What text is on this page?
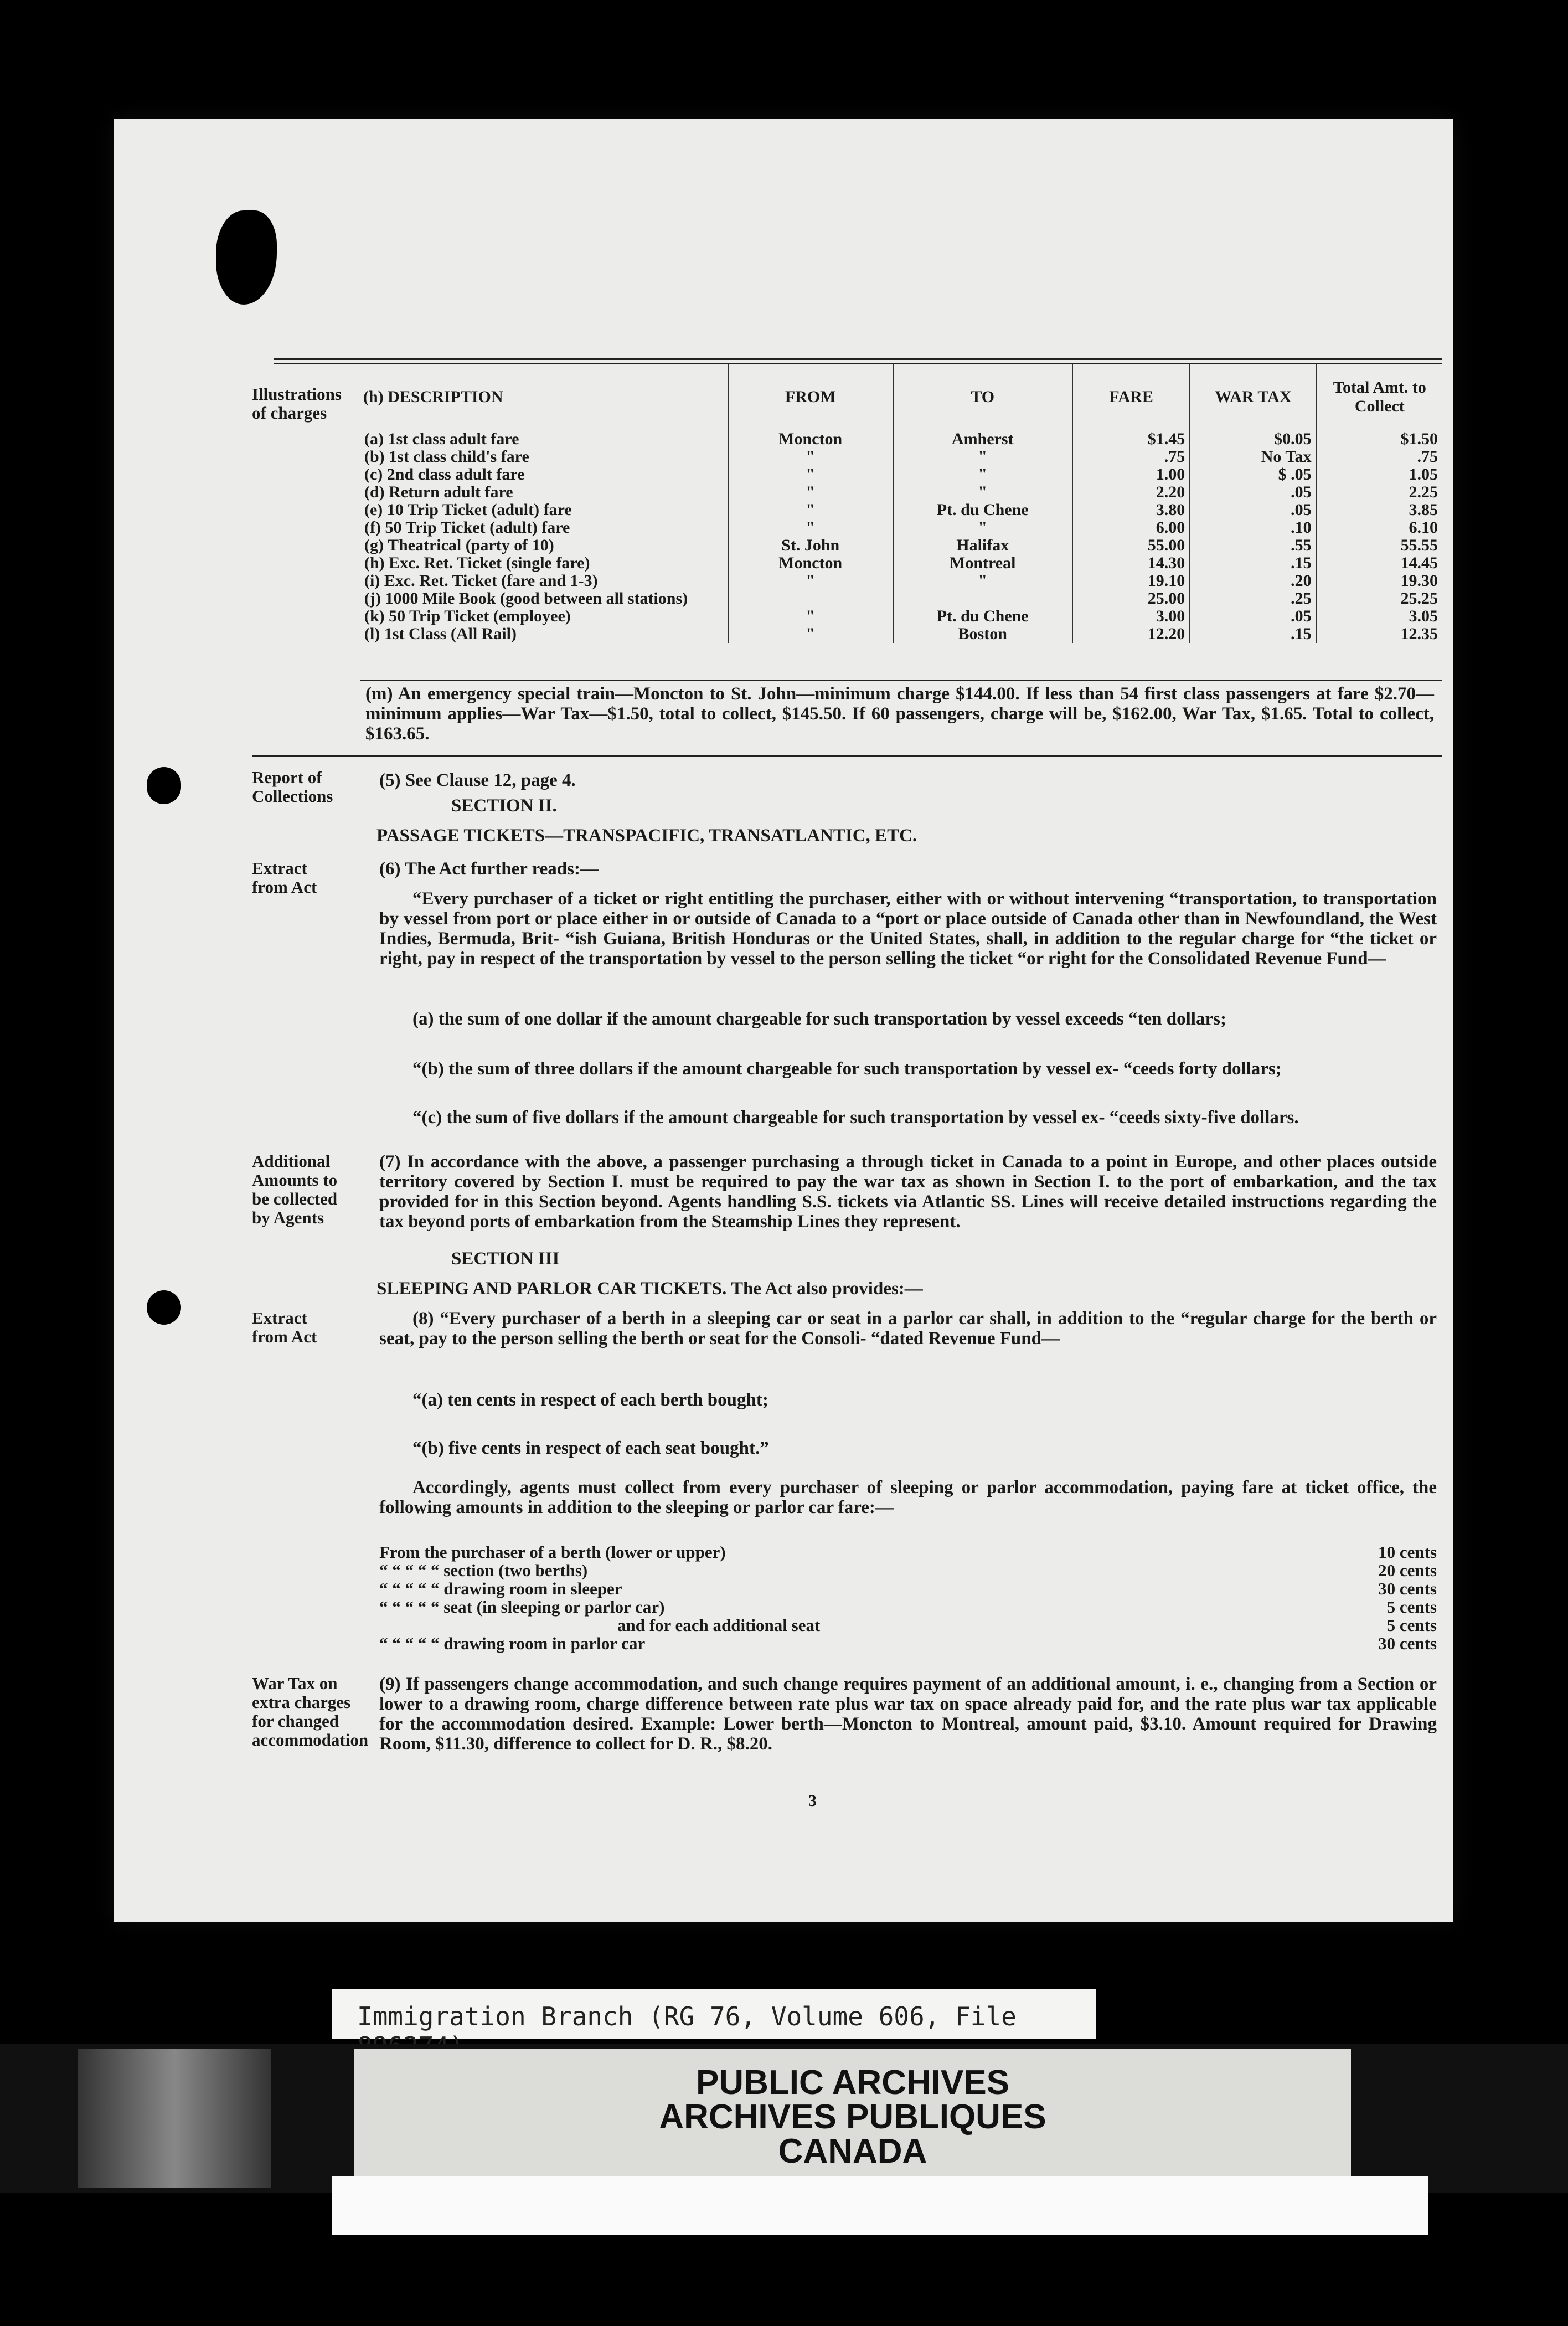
Illustrations of charges
(h) DESCRIPTION	FROM	TO	FARE	WAR TAX	Total Amt. to Collect
(a) 1st class adult fare	Moncton	Amherst	$1.45	$0.05	$1.50
(b) 1st class child's fare	"	"	.75	No Tax	.75
(c) 2nd class adult fare	"	"	1.00	$ .05	1.05
(d) Return adult fare	"	"	2.20	.05	2.25
(e) 10 Trip Ticket (adult) fare	"	Pt. du Chene	3.80	.05	3.85
(f) 50 Trip Ticket (adult) fare	"	"	6.00	.10	6.10
(g) Theatrical (party of 10)	St. John	Halifax	55.00	.55	55.55
(h) Exc. Ret. Ticket (single fare)	Moncton	Montreal	14.30	.15	14.45
(i) Exc. Ret. Ticket (fare and 1-3)	"	"	19.10	.20	19.30
(j) 1000 Mile Book (good between all stations)			25.00	.25	25.25
(k) 50 Trip Ticket (employee)	"	Pt. du Chene	3.00	.05	3.05
(l) 1st Class (All Rail)	"	Boston	12.20	.15	12.35
(m) An emergency special train—Moncton to St. John—minimum charge $144.00. If less than 54 first class passengers at fare $2.70—minimum applies—War Tax—$1.50, total to collect, $145.50. If 60 passengers, charge will be, $162.00, War Tax, $1.65. Total to collect, $163.65.
Report of Collections
(5) See Clause 12, page 4.
SECTION II.
PASSAGE TICKETS—TRANSPACIFIC, TRANSATLANTIC, ETC.
Extract from Act
(6) The Act further reads:—
“Every purchaser of a ticket or right entitling the purchaser, either with or without intervening “transportation, to transportation by vessel from port or place either in or outside of Canada to a “port or place outside of Canada other than in Newfoundland, the West Indies, Bermuda, Brit- “ish Guiana, British Honduras or the United States, shall, in addition to the regular charge for “the ticket or right, pay in respect of the transportation by vessel to the person selling the ticket “or right for the Consolidated Revenue Fund—
(a) the sum of one dollar if the amount chargeable for such transportation by vessel exceeds “ten dollars;
“(b) the sum of three dollars if the amount chargeable for such transportation by vessel ex- “ceeds forty dollars;
“(c) the sum of five dollars if the amount chargeable for such transportation by vessel ex- “ceeds sixty-five dollars.
Additional Amounts to be collected by Agents
(7) In accordance with the above, a passenger purchasing a through ticket in Canada to a point in Europe, and other places outside territory covered by Section I. must be required to pay the war tax as shown in Section I. to the port of embarkation, and the tax provided for in this Section beyond. Agents handling S.S. tickets via Atlantic SS. Lines will receive detailed instructions regarding the tax beyond ports of embarkation from the Steamship Lines they represent.
SECTION III
SLEEPING AND PARLOR CAR TICKETS. The Act also provides:—
Extract from Act
(8) “Every purchaser of a berth in a sleeping car or seat in a parlor car shall, in addition to the “regular charge for the berth or seat, pay to the person selling the berth or seat for the Consoli- “dated Revenue Fund—
“(a) ten cents in respect of each berth bought;
“(b) five cents in respect of each seat bought.”
Accordingly, agents must collect from every purchaser of sleeping or parlor accommodation, paying fare at ticket office, the following amounts in addition to the sleeping or parlor car fare:—
War Tax on extra charges for changed accommodation
(9) If passengers change accommodation, and such change requires payment of an additional amount, i. e., changing from a Section or lower to a drawing room, charge difference between rate plus war tax on space already paid for, and the rate plus war tax applicable for the accommodation desired. Example: Lower berth—Moncton to Montreal, amount paid, $3.10. Amount required for Drawing Room, $11.30, difference to collect for D. R., $8.20.
3
From the purchaser of a berth (lower or upper)	10 cents
“ “ “ “ “ section (two berths)	20 cents
“ “ “ “ “ drawing room in sleeper	30 cents
“ “ “ “ “ seat (in sleeping or parlor car)	5 cents
and for each additional seat	5 cents
“ “ “ “ “ drawing room in parlor car	30 cents
Immigration Branch (RG 76, Volume 606, File
PUBLIC ARCHIVES
ARCHIVES PUBLIQUES
CANADA
